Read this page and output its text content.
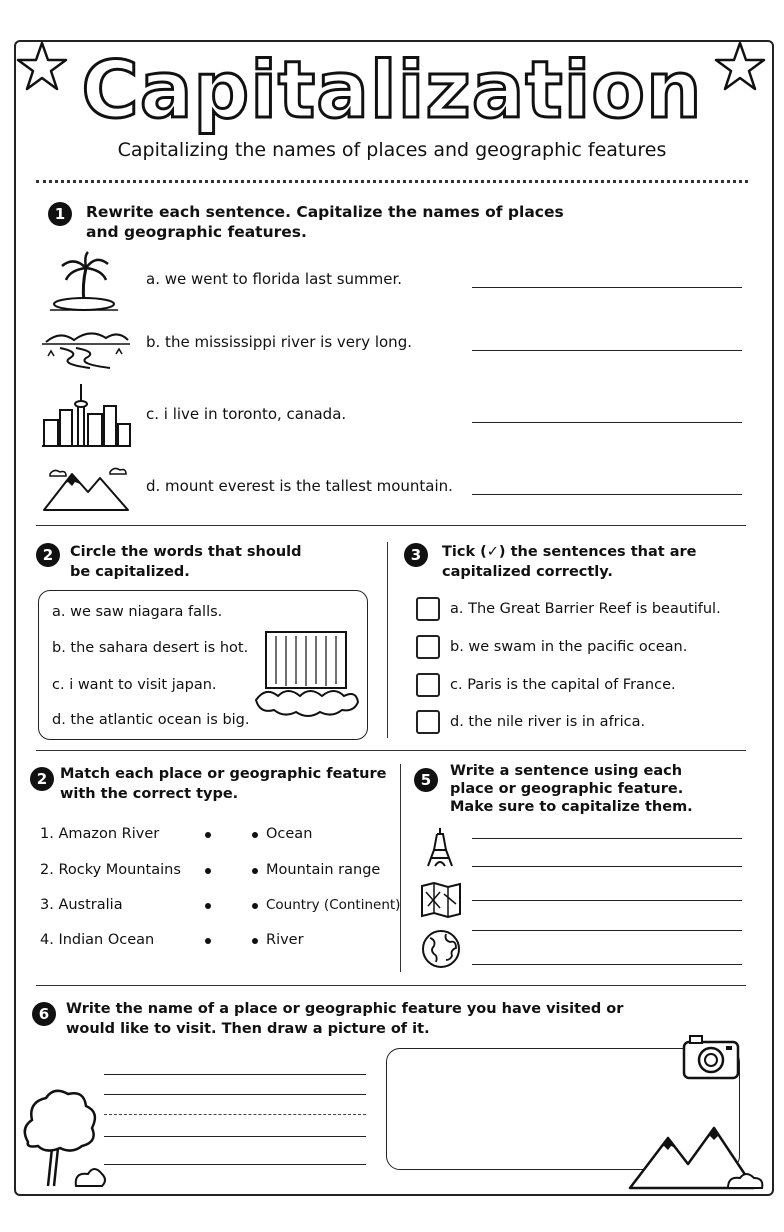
Capitalization
Capitalizing the names of places and geographic features
1	Rewrite each sentence. Capitalize the names of places
and geographic features.
a. we went to florida last summer.
b. the mississippi river is very long.
c. i live in toronto, canada.
d. mount everest is the tallest mountain.
2	Circle the words that should
be capitalized.
a. we saw niagara falls.
b. the sahara desert is hot.
c. i want to visit japan.
d. the atlantic ocean is big.
3	Tick (✓) the sentences that are
capitalized correctly.
a. The Great Barrier Reef is beautiful.
b. we swam in the pacific ocean.
c. Paris is the capital of France.
d. the nile river is in africa.
2 Match each place or geographic feature
with the correct type.
1. Amazon River
2. Rocky Mountains
3. Australia
4. Indian Ocean
Ocean
Mountain range
Country (Continent)
River
5	Write a sentence using each
place or geographic feature.
Make sure to capitalize them.
6	Write the name of a place or geographic feature you have visited or
would like to visit. Then draw a picture of it.
